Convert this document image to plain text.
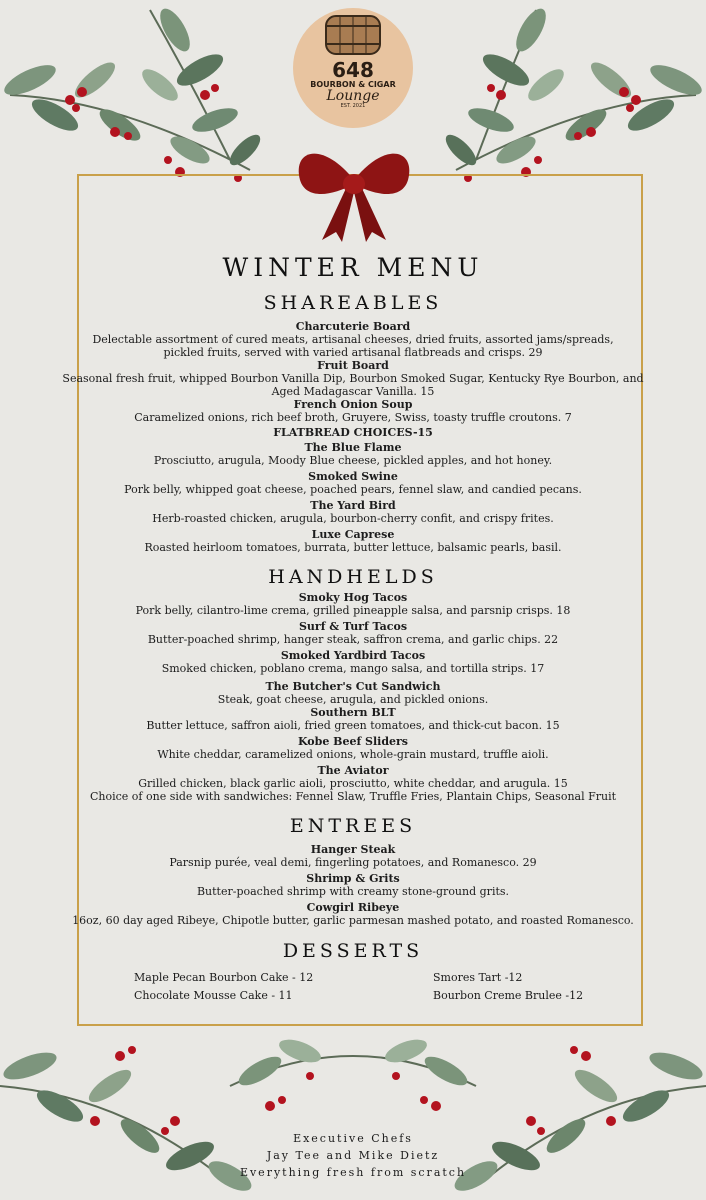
648
BOURBON & CIGAR
Lounge
EST. 2021
WINTER MENU
SHAREABLES
Charcuterie Board
Delectable assortment of cured meats, artisanal cheeses, dried fruits, assorted jams/spreads,
pickled fruits, served with varied artisanal flatbreads and crisps. 29
Fruit Board
Seasonal fresh fruit, whipped Bourbon Vanilla Dip, Bourbon Smoked Sugar, Kentucky Rye Bourbon, and
Aged Madagascar Vanilla. 15
French Onion Soup
Caramelized onions, rich beef broth, Gruyere, Swiss, toasty truffle croutons. 7
FLATBREAD CHOICES-15
The Blue Flame
Prosciutto, arugula, Moody Blue cheese, pickled apples, and hot honey.
Smoked Swine
Pork belly, whipped goat cheese, poached pears, fennel slaw, and candied pecans.
The Yard Bird
Herb-roasted chicken, arugula, bourbon-cherry confit, and crispy frites.
Luxe Caprese
Roasted heirloom tomatoes, burrata, butter lettuce, balsamic pearls, basil.
HANDHELDS
Smoky Hog Tacos
Pork belly, cilantro-lime crema, grilled pineapple salsa, and parsnip crisps. 18
Surf & Turf Tacos
Butter-poached shrimp, hanger steak, saffron crema, and garlic chips. 22
Smoked Yardbird Tacos
Smoked chicken, poblano crema, mango salsa, and tortilla strips. 17
The Butcher's Cut Sandwich
Steak, goat cheese, arugula, and pickled onions.
Southern BLT
Butter lettuce, saffron aioli, fried green tomatoes, and thick-cut bacon. 15
Kobe Beef Sliders
White cheddar, caramelized onions, whole-grain mustard, truffle aioli.
The Aviator
Grilled chicken, black garlic aioli, prosciutto, white cheddar, and arugula. 15
Choice of one side with sandwiches: Fennel Slaw, Truffle Fries, Plantain Chips, Seasonal Fruit
ENTREES
Hanger Steak
Parsnip purée, veal demi, fingerling potatoes, and Romanesco. 29
Shrimp & Grits
Butter-poached shrimp with creamy stone-ground grits.
Cowgirl Ribeye
16oz, 60 day aged Ribeye, Chipotle butter, garlic parmesan mashed potato, and roasted Romanesco.
DESSERTS
Maple Pecan Bourbon Cake - 12
Chocolate Mousse Cake - 11
Smores Tart -12
Bourbon Creme Brulee -12
Executive Chefs
Jay Tee and Mike Dietz
Everything fresh from scratch
